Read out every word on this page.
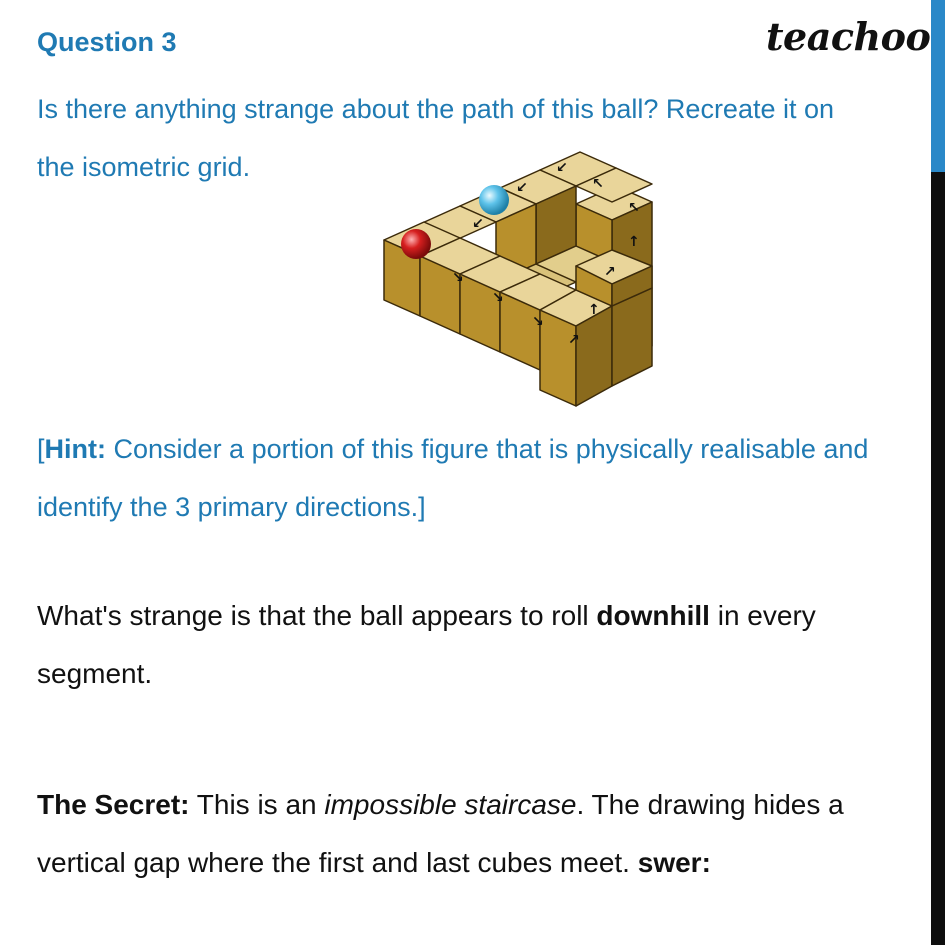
Question 3	teachoo
Is there anything strange about the path of this ball? Recreate it on the isometric grid.	↙
↙	↖
↖
↙
↑
↗
↑
↘
↘
↘
↗
[Hint: Consider a portion of this figure that is physically realisable and identify the 3 primary directions.]
What's strange is that the ball appears to roll downhill in every segment.
The Secret: This is an impossible staircase. The drawing hides a vertical gap where the first and last cubes meet. swer:
